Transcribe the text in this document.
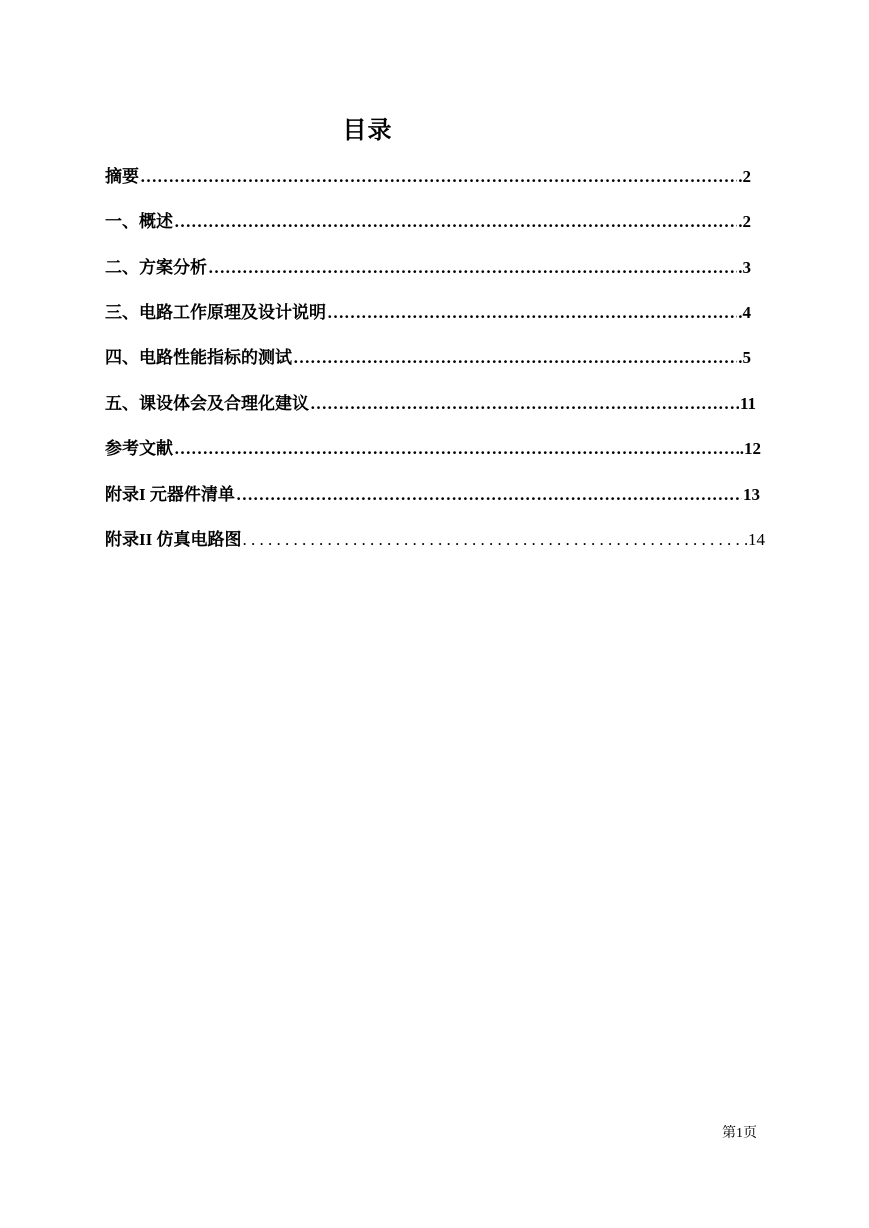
目录
摘要 ……………………………………………………………………………………………………………………………………………………………	.2
一、概述 ……………………………………………………………………………………………………………………………………………………………	.2
二、方案分析 ……………………………………………………………………………………………………………………………………………………………	.3
三、电路工作原理及设计说明 ……………………………………………………………………………………………………………………………………………………………	.4
四、电路性能指标的测试 ……………………………………………………………………………………………………………………………………………………………	.5
五、课设体会及合理化建议 ……………………………………………………………………………………………………………………………………………………………	11
参考文献 ……………………………………………………………………………………………………………………………………………………………	.12
附录I 元器件清单 ……………………………………………………………………………………………………………………………………………………………	13
附录II 仿真电路图 . . .	14
第1页
